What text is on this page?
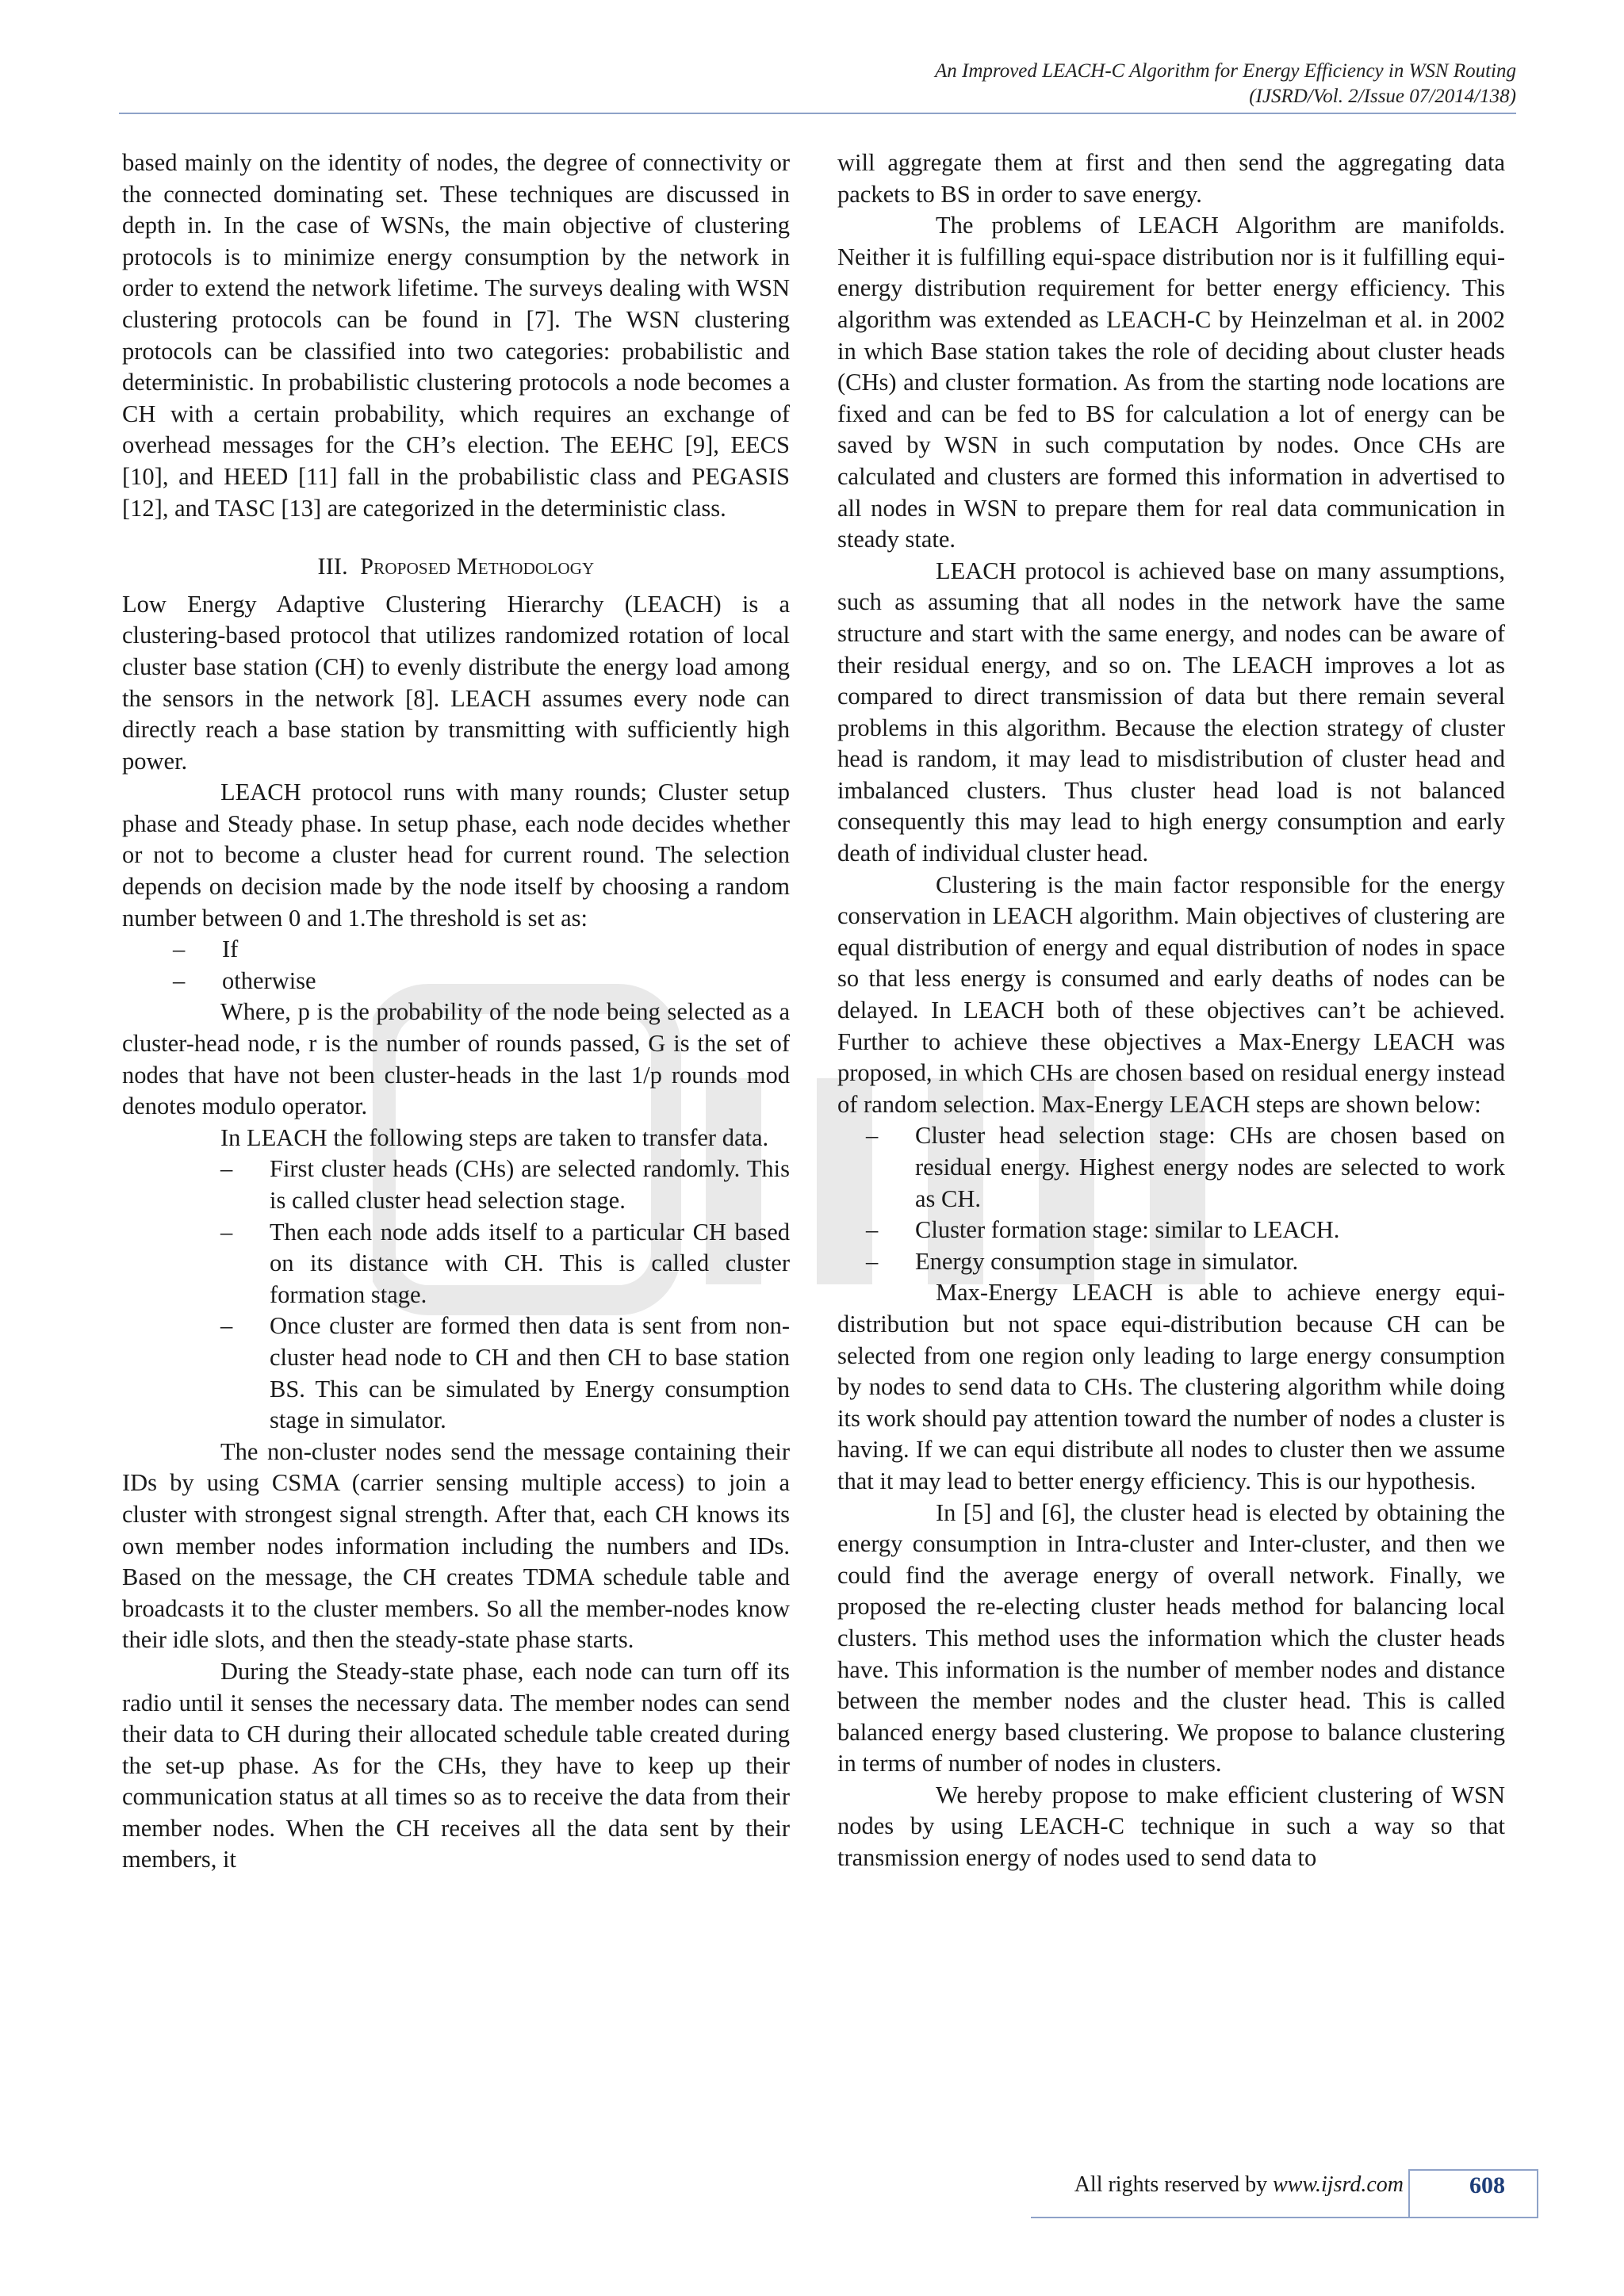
An Improved LEACH-C Algorithm for Energy Efficiency in WSN Routing
(IJSRD/Vol. 2/Issue 07/2014/138)

based mainly on the identity of nodes, the degree of connectivity or the connected dominating set. These techniques are discussed in depth in. In the case of WSNs, the main objective of clustering protocols is to minimize energy consumption by the network in order to extend the network lifetime. The surveys dealing with WSN clustering protocols can be found in [7]. The WSN clustering protocols can be classified into two categories: probabilistic and deterministic. In probabilistic clustering protocols a node becomes a CH with a certain probability, which requires an exchange of overhead messages for the CH’s election. The EEHC [9], EECS [10], and HEED [11] fall in the probabilistic class and PEGASIS [12], and TASC [13] are categorized in the deterministic class.

III. Proposed Methodology

Low Energy Adaptive Clustering Hierarchy (LEACH) is a clustering-based protocol that utilizes randomized rotation of local cluster base station (CH) to evenly distribute the energy load among the sensors in the network [8]. LEACH assumes every node can directly reach a base station by transmitting with sufficiently high power.

LEACH protocol runs with many rounds; Cluster setup phase and Steady phase. In setup phase, each node decides whether or not to become a cluster head for current round. The selection depends on decision made by the node itself by choosing a random number between 0 and 1.The threshold is set as:

– If
– otherwise

Where, p is the probability of the node being selected as a cluster-head node, r is the number of rounds passed, G is the set of nodes that have not been cluster-heads in the last 1/p rounds mod denotes modulo operator.

In LEACH the following steps are taken to transfer data.

– First cluster heads (CHs) are selected randomly. This is called cluster head selection stage.
– Then each node adds itself to a particular CH based on its distance with CH. This is called cluster formation stage.
– Once cluster are formed then data is sent from non-cluster head node to CH and then CH to base station BS. This can be simulated by Energy consumption stage in simulator.

The non-cluster nodes send the message containing their IDs by using CSMA (carrier sensing multiple access) to join a cluster with strongest signal strength. After that, each CH knows its own member nodes information including the numbers and IDs. Based on the message, the CH creates TDMA schedule table and broadcasts it to the cluster members. So all the member-nodes know their idle slots, and then the steady-state phase starts.

During the Steady-state phase, each node can turn off its radio until it senses the necessary data. The member nodes can send their data to CH during their allocated schedule table created during the set-up phase. As for the CHs, they have to keep up their communication status at all times so as to receive the data from their member nodes. When the CH receives all the data sent by their members, it

will aggregate them at first and then send the aggregating data packets to BS in order to save energy.

The problems of LEACH Algorithm are manifolds. Neither it is fulfilling equi-space distribution nor is it fulfilling equi-energy distribution requirement for better energy efficiency. This algorithm was extended as LEACH-C by Heinzelman et al. in 2002 in which Base station takes the role of deciding about cluster heads (CHs) and cluster formation. As from the starting node locations are fixed and can be fed to BS for calculation a lot of energy can be saved by WSN in such computation by nodes. Once CHs are calculated and clusters are formed this information in advertised to all nodes in WSN to prepare them for real data communication in steady state.

LEACH protocol is achieved base on many assumptions, such as assuming that all nodes in the network have the same structure and start with the same energy, and nodes can be aware of their residual energy, and so on. The LEACH improves a lot as compared to direct transmission of data but there remain several problems in this algorithm. Because the election strategy of cluster head is random, it may lead to misdistribution of cluster head and imbalanced clusters. Thus cluster head load is not balanced consequently this may lead to high energy consumption and early death of individual cluster head.

Clustering is the main factor responsible for the energy conservation in LEACH algorithm. Main objectives of clustering are equal distribution of energy and equal distribution of nodes in space so that less energy is consumed and early deaths of nodes can be delayed. In LEACH both of these objectives can’t be achieved. Further to achieve these objectives a Max-Energy LEACH was proposed, in which CHs are chosen based on residual energy instead of random selection. Max-Energy LEACH steps are shown below:

– Cluster head selection stage: CHs are chosen based on residual energy. Highest energy nodes are selected to work as CH.
– Cluster formation stage: similar to LEACH.
– Energy consumption stage in simulator.

Max-Energy LEACH is able to achieve energy equi-distribution but not space equi-distribution because CH can be selected from one region only leading to large energy consumption by nodes to send data to CHs. The clustering algorithm while doing its work should pay attention toward the number of nodes a cluster is having. If we can equi distribute all nodes to cluster then we assume that it may lead to better energy efficiency. This is our hypothesis.

In [5] and [6], the cluster head is elected by obtaining the energy consumption in Intra-cluster and Inter-cluster, and then we could find the average energy of overall network. Finally, we proposed the re-electing cluster heads method for balancing local clusters. This method uses the information which the cluster heads have. This information is the number of member nodes and distance between the member nodes and the cluster head. This is called balanced energy based clustering. We propose to balance clustering in terms of number of nodes in clusters.

We hereby propose to make efficient clustering of WSN nodes by using LEACH-C technique in such a way so that transmission energy of nodes used to send data to

All rights reserved by www.ijsrd.com	608
